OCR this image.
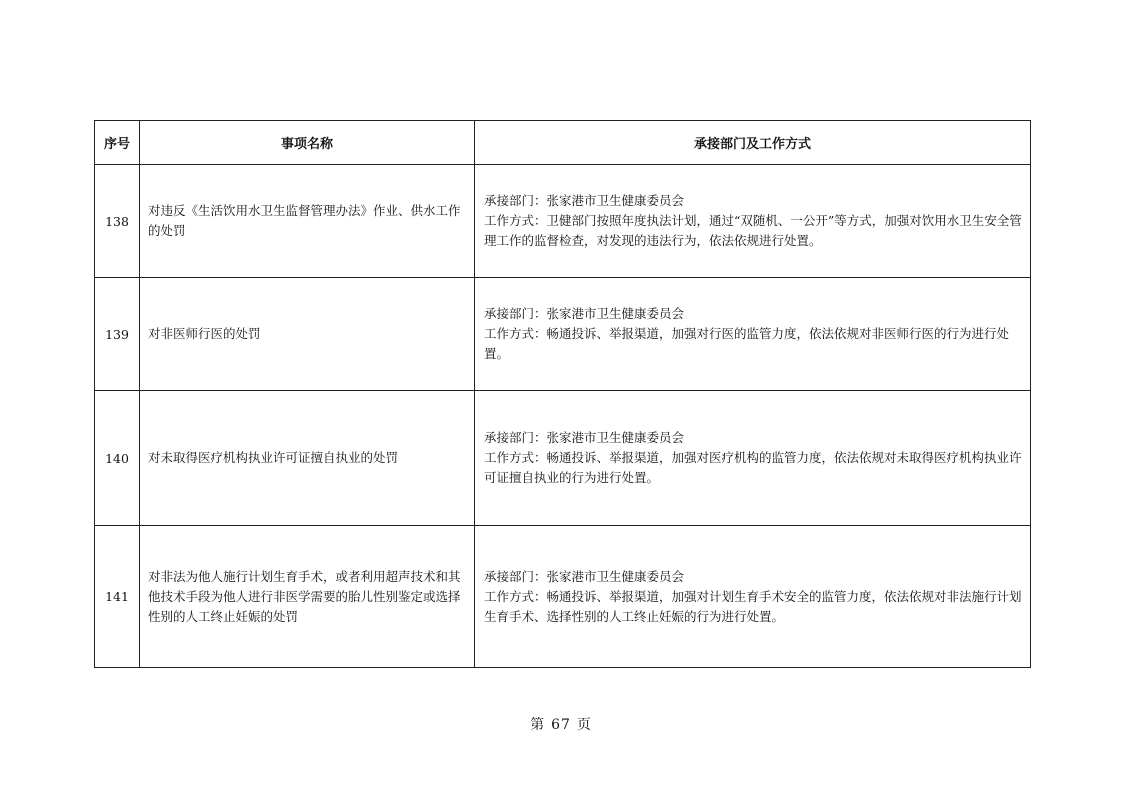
序号	事项名称	承接部门及工作方式
138	对违反《生活饮用水卫生监督管理办法》作业、供水工作的处罚	承接部门：张家港市卫生健康委员会
工作方式：卫健部门按照年度执法计划，通过“双随机、一公开”等方式，加强对饮用水卫生安全管理工作的监督检查，对发现的违法行为，依法依规进行处置。

139	对非医师行医的处罚	承接部门：张家港市卫生健康委员会
工作方式：畅通投诉、举报渠道，加强对行医的监管力度，依法依规对非医师行医的行为进行处置。

140	对未取得医疗机构执业许可证擅自执业的处罚	承接部门：张家港市卫生健康委员会
工作方式：畅通投诉、举报渠道，加强对医疗机构的监管力度，依法依规对未取得医疗机构执业许可证擅自执业的行为进行处置。

141	对非法为他人施行计划生育手术，或者利用超声技术和其他技术手段为他人进行非医学需要的胎儿性别鉴定或选择性别的人工终止妊娠的处罚	承接部门：张家港市卫生健康委员会
工作方式：畅通投诉、举报渠道，加强对计划生育手术安全的监管力度，依法依规对非法施行计划生育手术、选择性别的人工终止妊娠的行为进行处置。
第 67 页
